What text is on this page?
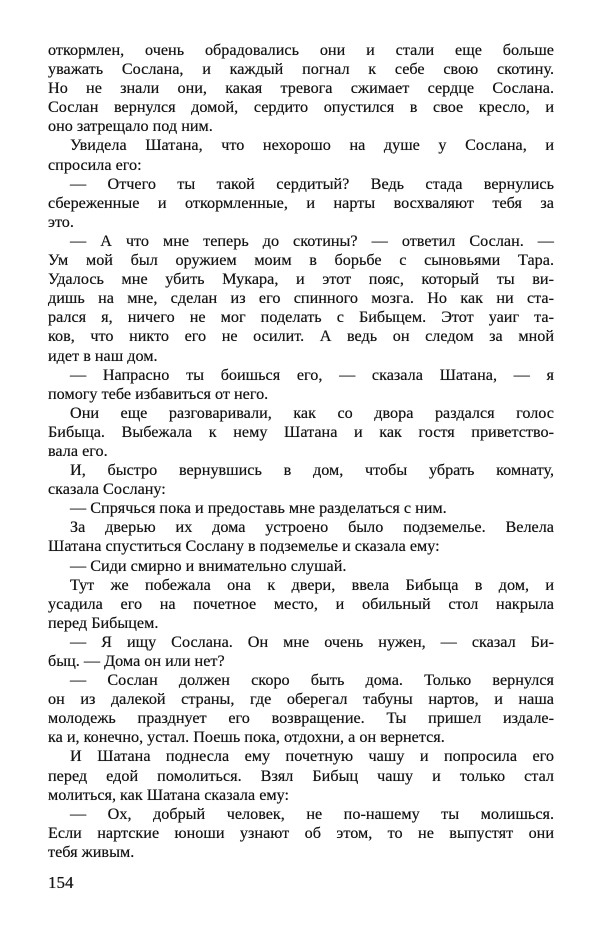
откормлен, очень обрадовались они и стали еще больше
уважать Сослана, и каждый погнал к себе свою скотину.
Но не знали они, какая тревога сжимает сердце Сослана.
Сослан вернулся домой, сердито опустился в свое кресло, и
оно затрещало под ним.
Увидела Шатана, что нехорошо на душе у Сослана, и
спросила его:
— Отчего ты такой сердитый? Ведь стада вернулись
сбереженные и откормленные, и нарты восхваляют тебя за
это.
— А что мне теперь до скотины? — ответил Сослан. —
Ум мой был оружием моим в борьбе с сыновьями Тара.
Удалось мне убить Мукара, и этот пояс, который ты ви-
дишь на мне, сделан из его спинного мозга. Но как ни ста-
рался я, ничего не мог поделать с Бибыцем. Этот уаиг та-
ков, что никто его не осилит. А ведь он следом за мной
идет в наш дом.
— Напрасно ты боишься его, — сказала Шатана, — я
помогу тебе избавиться от него.
Они еще разговаривали, как со двора раздался голос
Бибыца. Выбежала к нему Шатана и как гостя приветство-
вала его.
И, быстро вернувшись в дом, чтобы убрать комнату,
сказала Сослану:
— Спрячься пока и предоставь мне разделаться с ним.
За дверью их дома устроено было подземелье. Велела
Шатана спуститься Сослану в подземелье и сказала ему:
— Сиди смирно и внимательно слушай.
Тут же побежала она к двери, ввела Бибыца в дом, и
усадила его на почетное место, и обильный стол накрыла
перед Бибыцем.
— Я ищу Сослана. Он мне очень нужен, — сказал Би-
быц. — Дома он или нет?
— Сослан должен скоро быть дома. Только вернулся
он из далекой страны, где оберегал табуны нартов, и наша
молодежь празднует его возвращение. Ты пришел издале-
ка и, конечно, устал. Поешь пока, отдохни, а он вернется.
И Шатана поднесла ему почетную чашу и попросила его
перед едой помолиться. Взял Бибыц чашу и только стал
молиться, как Шатана сказала ему:
— Ох, добрый человек, не по-нашему ты молишься.
Если нартские юноши узнают об этом, то не выпустят они
тебя живым.
154
